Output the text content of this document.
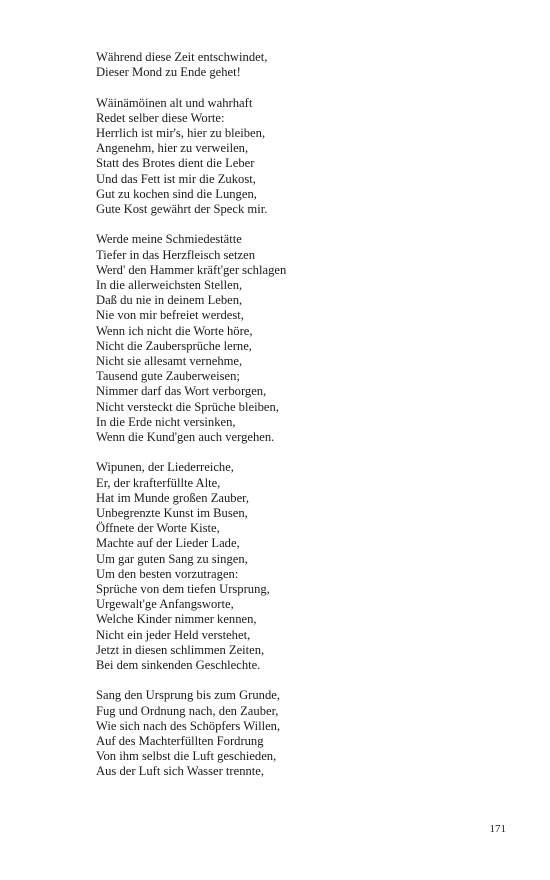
Während diese Zeit entschwindet,
Dieser Mond zu Ende gehet!
Wäinämöinen alt und wahrhaft
Redet selber diese Worte:
Herrlich ist mir's, hier zu bleiben,
Angenehm, hier zu verweilen,
Statt des Brotes dient die Leber
Und das Fett ist mir die Zukost,
Gut zu kochen sind die Lungen,
Gute Kost gewährt der Speck mir.
Werde meine Schmiedestätte
Tiefer in das Herzfleisch setzen
Werd' den Hammer kräft'ger schlagen
In die allerweichsten Stellen,
Daß du nie in deinem Leben,
Nie von mir befreiet werdest,
Wenn ich nicht die Worte höre,
Nicht die Zaubersprüche lerne,
Nicht sie allesamt vernehme,
Tausend gute Zauberweisen;
Nimmer darf das Wort verborgen,
Nicht versteckt die Sprüche bleiben,
In die Erde nicht versinken,
Wenn die Kund'gen auch vergehen.
Wipunen, der Liederreiche,
Er, der krafterfüllte Alte,
Hat im Munde großen Zauber,
Unbegrenzte Kunst im Busen,
Öffnete der Worte Kiste,
Machte auf der Lieder Lade,
Um gar guten Sang zu singen,
Um den besten vorzutragen:
Sprüche von dem tiefen Ursprung,
Urgewalt'ge Anfangsworte,
Welche Kinder nimmer kennen,
Nicht ein jeder Held verstehet,
Jetzt in diesen schlimmen Zeiten,
Bei dem sinkenden Geschlechte.
Sang den Ursprung bis zum Grunde,
Fug und Ordnung nach, den Zauber,
Wie sich nach des Schöpfers Willen,
Auf des Machterfüllten Fordrung
Von ihm selbst die Luft geschieden,
Aus der Luft sich Wasser trennte,
171
